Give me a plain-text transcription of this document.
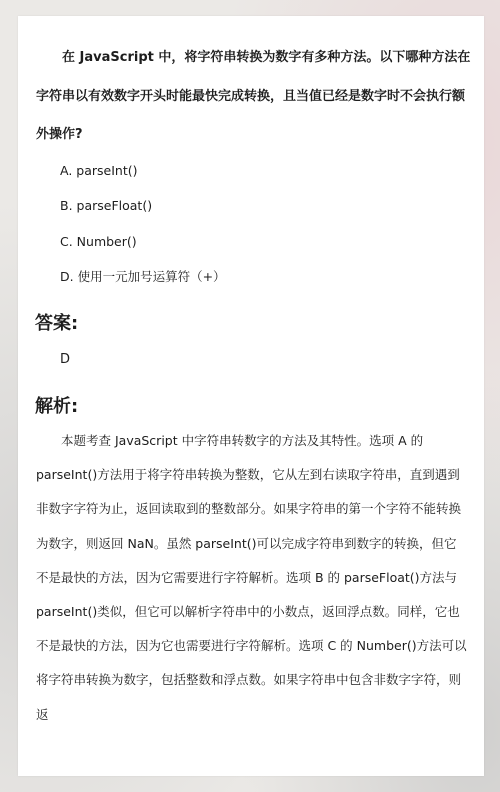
在 JavaScript 中，将字符串转换为数字有多种方法。以下哪种方法在字符串以有效数字开头时能最快完成转换，且当值已经是数字时不会执行额外操作?

A. parseInt()

B. parseFloat()

C. Number()

D. 使用一元加号运算符（+）

答案:

D

解析:

本题考查 JavaScript 中字符串转数字的方法及其特性。选项 A 的 parseInt()方法用于将字符串转换为整数，它从左到右读取字符串，直到遇到非数字字符为止，返回读取到的整数部分。如果字符串的第一个字符不能转换为数字，则返回 NaN。虽然 parseInt()可以完成字符串到数字的转换，但它不是最快的方法，因为它需要进行字符解析。选项 B 的 parseFloat()方法与 parseInt()类似，但它可以解析字符串中的小数点，返回浮点数。同样，它也不是最快的方法，因为它也需要进行字符解析。选项 C 的 Number()方法可以将字符串转换为数字，包括整数和浮点数。如果字符串中包含非数字字符，则返
